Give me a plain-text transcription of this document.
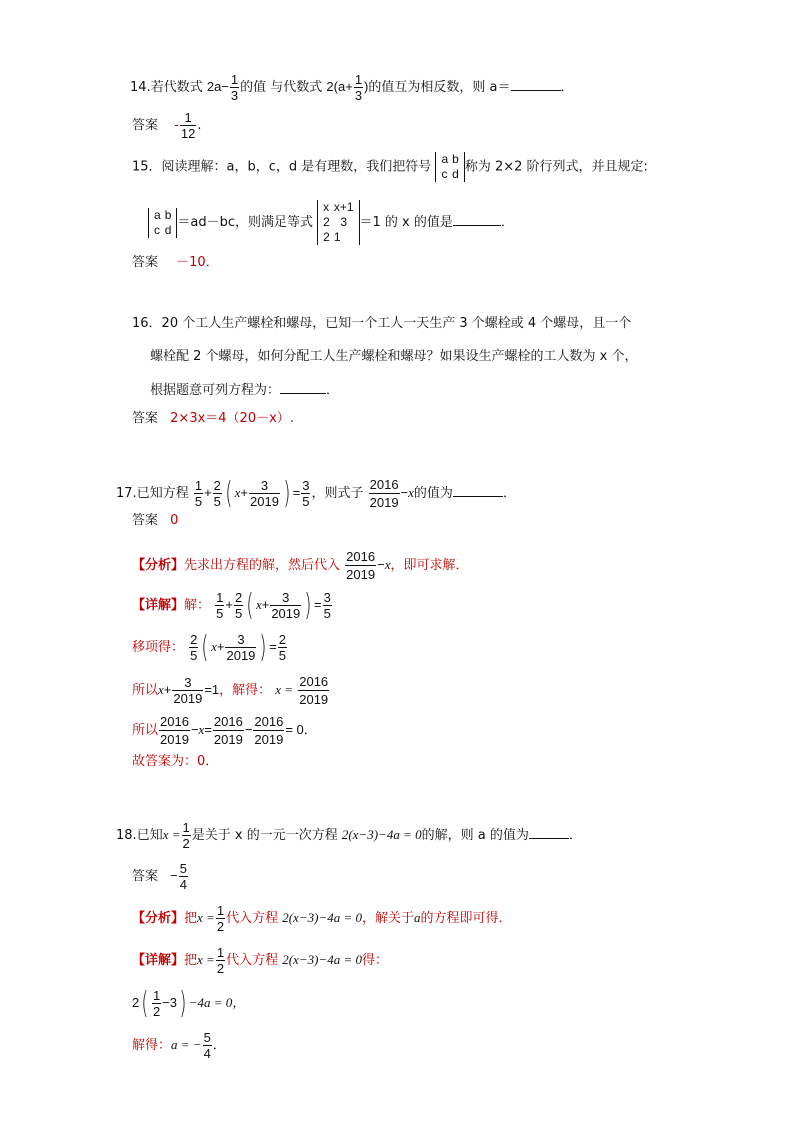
14.若代数式 $2a- \frac{1}{3}$ 的值 与代数式 $2(a+ \frac{1}{3}$ )的值互为相反数，则 a＝	．
答案 - $\frac{1}{12}$ .
15．阅读理解：a，b，c，d 是有理数，我们把符号
a	b
c	d 称为 2×2 阶行列式，并且规定:
a	b
c	d ＝ad－bc，则满足等式
x	x+1
2	3
2	1
＝1 的 x 的值是	．
答案 －10．
16．20 个工人生产螺栓和螺母，已知一个工人一天生产 3 个螺栓或 4 个螺母，且一个
螺栓配 2 个螺母，如何分配工人生产螺栓和螺母？如果设生产螺栓的工人数为 x 个，
根据题意可列方程为：	．
答案 2×3x＝4（20－x）.
17.已知方程 $\frac{1}{5} + \frac{2}{5}$ ( $x+ \frac{3}{2019}$ ) = $\frac{3}{5}$ ，则式子 $\frac{2016}{2019} -x$的值为	．
答案 0
【分析】先求出方程的解，然后代入 $\frac{2016}{2019} -x$，即可求解．
【详解】解： $\frac{1}{5} + \frac{2}{5}$ ( $x+ \frac{3}{2019}$ ) = $\frac{3}{5}$
移项得： $\frac{2}{5}$ ( $x+ \frac{3}{2019}$ ) = $\frac{2}{5}$
所以$x+ \frac{3}{2019} =1$，解得： $x = \frac{2016}{2019}$
所以 $\frac{2016}{2019} -x= \frac{2016}{2019} - \frac{2016}{2019} = 0$．
故答案为：0．
18.已知$x = \frac{1}{2}$ 是关于 x 的一元一次方程 2(x−3)−4a = 0的解，则 a 的值为	．
答案 − $\frac{5}{4}$
【分析】把$x = \frac{1}{2}$ 代入方程 2(x−3)−4a = 0，解关于a的方程即可得．
【详解】把$x = \frac{1}{2}$ 代入方程 2(x−3)−4a = 0得：
$2( \frac{1}{2} -3) -4a = 0$，
解得：a = − $\frac{5}{4}$ ．
